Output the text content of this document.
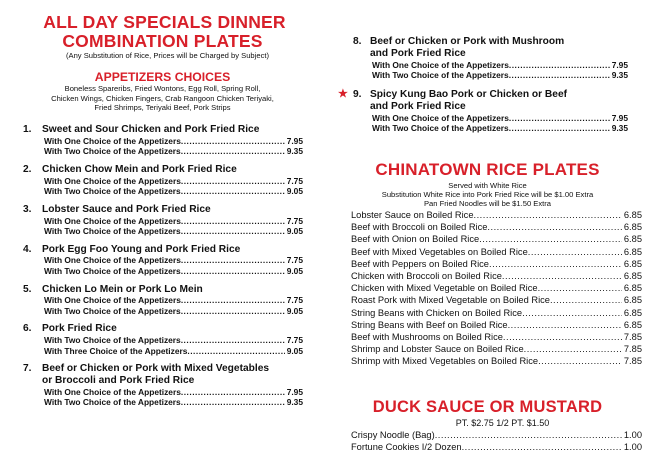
ALL DAY SPECIALS DINNER
COMBINATION PLATES
(Any Substitution of Rice, Prices will be Charged by Subject)
APPETIZERS CHOICES
Boneless Spareribs, Fried Wontons, Egg Roll, Spring Roll,
Chicken Wings, Chicken Fingers, Crab Rangoon Chicken Teriyaki,
Fried Shrimps, Teriyaki Beef, Pork Strips
1. Sweet and Sour Chicken and Pork Fried Rice
With One Choice of the Appetizers .....	7.95
With Two Choice of the Appetizers .....	9.35
2. Chicken Chow Mein and Pork Fried Rice
With One Choice of the Appetizers .....	7.75
With Two Choice of the Appetizers .....	9.05
3. Lobster Sauce and Pork Fried Rice
With One Choice of the Appetizers .....	7.75
With Two Choice of the Appetizers .....	9.05
4. Pork Egg Foo Young and Pork Fried Rice
With One Choice of the Appetizers .....	7.75
With Two Choice of the Appetizers .....	9.05
5. Chicken Lo Mein or Pork Lo Mein
With One Choice of the Appetizers .....	7.75
With Two Choice of the Appetizers .....	9.05
6. Pork Fried Rice
With Two Choice of the Appetizers .....	7.75
With Three Choice of the Appetizers .....	9.05
7. Beef or Chicken or Pork with Mixed Vegetables
or Broccoli and Pork Fried Rice
With One Choice of the Appetizers .....	7.95
With Two Choice of the Appetizers .....	9.35
8. Beef or Chicken or Pork with Mushroom
and Pork Fried Rice
With One Choice of the Appetizers .....	7.95
With Two Choice of the Appetizers .....	9.35
★ 9. Spicy Kung Bao Pork or Chicken or Beef
and Pork Fried Rice
With One Choice of the Appetizers .....	7.95
With Two Choice of the Appetizers .....	9.35
CHINATOWN RICE PLATES
Served with White Rice
Substitution White Rice into Pork Fried Rice will be $1.00 Extra
Pan Fried Noodles will be $1.50 Extra
Lobster Sauce on Boiled Rice .....	6.85
Beef with Broccoli on Boiled Rice .....	6.85
Beef with Onion on Boiled Rice .....	6.85
Beef with Mixed Vegetables on Boiled Rice .....	6.85
Beef with Peppers on Boiled Rice .....	6.85
Chicken with Broccoli on Boiled Rice .....	6.85
Chicken with Mixed Vegetable on Boiled Rice .....	6.85
Roast Pork with Mixed Vegetable on Boiled Rice .....	6.85
String Beans with Chicken on Boiled Rice .....	6.85
String Beans with Beef on Boiled Rice .....	6.85
Beef with Mushrooms on Boiled Rice .....	7.85
Shrimp and Lobster Sauce on Boiled Rice .....	7.85
Shrimp with Mixed Vegetables on Boiled Rice .....	7.85
DUCK SAUCE OR MUSTARD
PT. $2.75 1/2 PT. $1.50
Crispy Noodle (Bag) .....	1.00
Fortune Cookies I/2 Dozen .....	1.00
